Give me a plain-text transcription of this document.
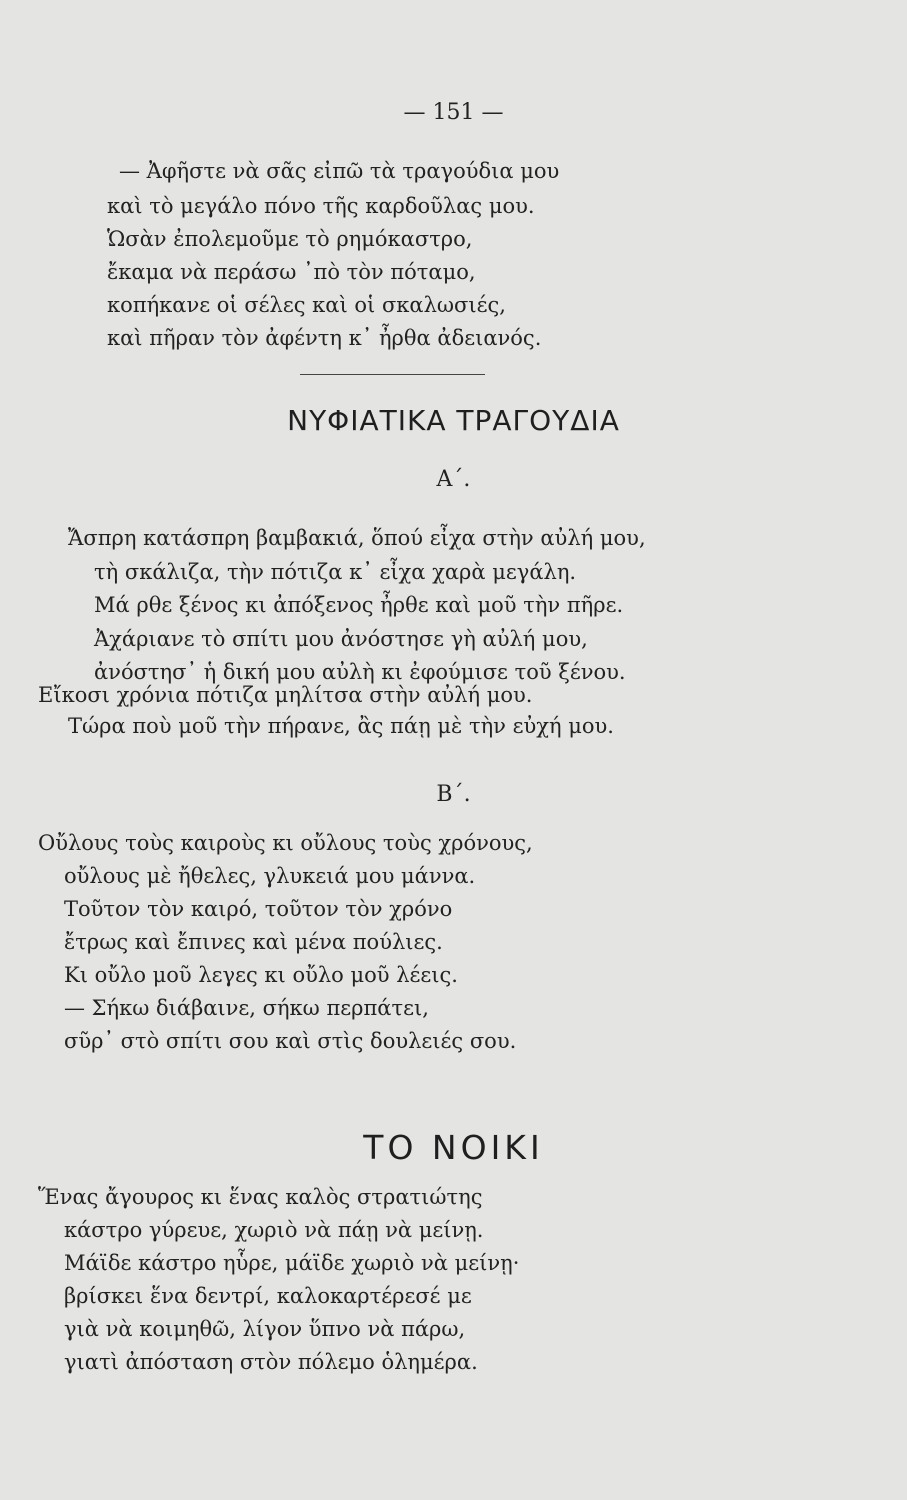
— 151 —
— Ἀφῆστε νὰ σᾶς εἰπῶ τὰ τραγούδια μου
καὶ τὸ μεγάλο πόνο τῆς καρδοῦλας μου.
Ὡσὰν ἐπολεμοῦμε τὸ ρημόκαστρο,
ἔκαμα νὰ περάσω ᾽πὸ τὸν πόταμο,
κοπήκανε οἱ σέλες καὶ οἱ σκαλωσιές,
καὶ πῆραν τὸν ἀφέντη κ᾽ ἦρθα ἀδειανός.
ΝΥΦΙΑΤΙΚΑ ΤΡΑΓΟΥΔΙΑ
Α΄.
Ἄσπρη κατάσπρη βαμβακιά, ὅπού εἶχα στὴν αὐλή μου,
τὴ σκάλιζα, τὴν πότιζα κ᾽ εἶχα χαρὰ μεγάλη.
Μά ρθε ξένος κι ἀπόξενος ἦρθε καὶ μοῦ τὴν πῆρε.
Ἀχάριανε τὸ σπίτι μου ἀνόστησε γὴ αὐλή μου,
ἀνόστησ᾽ ἡ δική μου αὐλὴ κι ἐφούμισε τοῦ ξένου.
Εἴκοσι χρόνια πότιζα μηλίτσα στὴν αὐλή μου.
Τώρα ποὺ μοῦ τὴν πήρανε, ἂς πάῃ μὲ τὴν εὐχή μου.
Β΄.
Οὔλους τοὺς καιροὺς κι οὔλους τοὺς χρόνους,
οὔλους μὲ ἤθελες, γλυκειά μου μάννα.
Τοῦτον τὸν καιρό, τοῦτον τὸν χρόνο
ἔτρως καὶ ἔπινες καὶ μένα πούλιες.
Κι οὔλο μοῦ λεγες κι οὔλο μοῦ λέεις.
— Σήκω διάβαινε, σήκω περπάτει,
σῦρ᾽ στὸ σπίτι σου καὶ στὶς δουλειές σου.
ΤΟ ΝΟΙΚΙ
Ἕνας ἄγουρος κι ἕνας καλὸς στρατιώτης
κάστρο γύρευε, χωριὸ νὰ πάῃ νὰ μείνῃ.
Μάϊδε κάστρο ηὗρε, μάϊδε χωριὸ νὰ μείνῃ·
βρίσκει ἕνα δεντρί, καλοκαρτέρεσέ με
γιὰ νὰ κοιμηθῶ, λίγον ὕπνο νὰ πάρω,
γιατὶ ἀπόσταση στὸν πόλεμο ὁλημέρα.
